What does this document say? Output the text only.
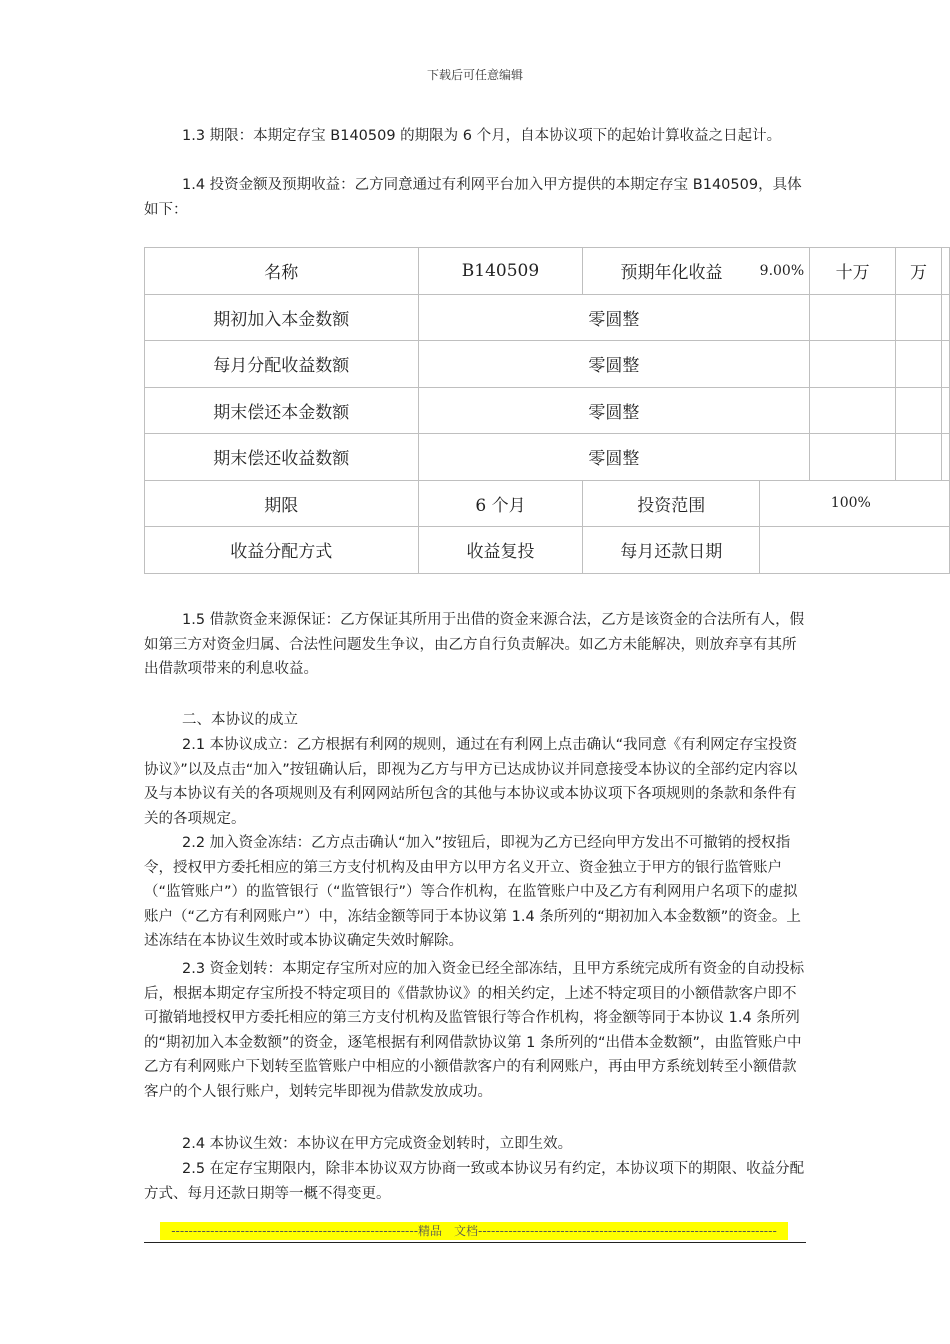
下载后可任意编辑

1.3 期限：本期定存宝 B140509 的期限为 6 个月，自本协议项下的起始计算收益之日起计。

1.4 投资金额及预期收益：乙方同意通过有利网平台加入甲方提供的本期定存宝 B140509，具体如下：

名称	B140509	预期年化收益	9.00%	十万	万	
期初加入本金数额	零圆整					
每月分配收益数额	零圆整					
期末偿还本金数额	零圆整					
期末偿还收益数额	零圆整					
期限	6 个月	投资范围	100%			
收益分配方式	收益复投	每月还款日期				

1.5 借款资金来源保证：乙方保证其所用于出借的资金来源合法，乙方是该资金的合法所有人，假如第三方对资金归属、合法性问题发生争议，由乙方自行负责解决。如乙方未能解决，则放弃享有其所出借款项带来的利息收益。

二、本协议的成立

2.1 本协议成立：乙方根据有利网的规则，通过在有利网上点击确认“我同意《有利网定存宝投资协议》”以及点击“加入”按钮确认后，即视为乙方与甲方已达成协议并同意接受本协议的全部约定内容以及与本协议有关的各项规则及有利网网站所包含的其他与本协议或本协议项下各项规则的条款和条件有关的各项规定。

2.2 加入资金冻结：乙方点击确认“加入”按钮后，即视为乙方已经向甲方发出不可撤销的授权指令，授权甲方委托相应的第三方支付机构及由甲方以甲方名义开立、资金独立于甲方的银行监管账户（“监管账户”）的监管银行（“监管银行”）等合作机构，在监管账户中及乙方有利网用户名项下的虚拟账户（“乙方有利网账户”）中，冻结金额等同于本协议第 1.4 条所列的“期初加入本金数额”的资金。上述冻结在本协议生效时或本协议确定失效时解除。

2.3 资金划转：本期定存宝所对应的加入资金已经全部冻结，且甲方系统完成所有资金的自动投标后，根据本期定存宝所投不特定项目的《借款协议》的相关约定，上述不特定项目的小额借款客户即不可撤销地授权甲方委托相应的第三方支付机构及监管银行等合作机构，将金额等同于本协议 1.4 条所列的“期初加入本金数额”的资金，逐笔根据有利网借款协议第 1 条所列的“出借本金数额”，由监管账户中乙方有利网账户下划转至监管账户中相应的小额借款客户的有利网账户，再由甲方系统划转至小额借款客户的个人银行账户，划转完毕即视为借款发放成功。

2.4 本协议生效：本协议在甲方完成资金划转时，立即生效。

2.5 在定存宝期限内，除非本协议双方协商一致或本协议另有约定，本协议项下的期限、收益分配方式、每月还款日期等一概不得变更。

---------------------------------------------------------精品　文档---------------------------------------------------------------------
